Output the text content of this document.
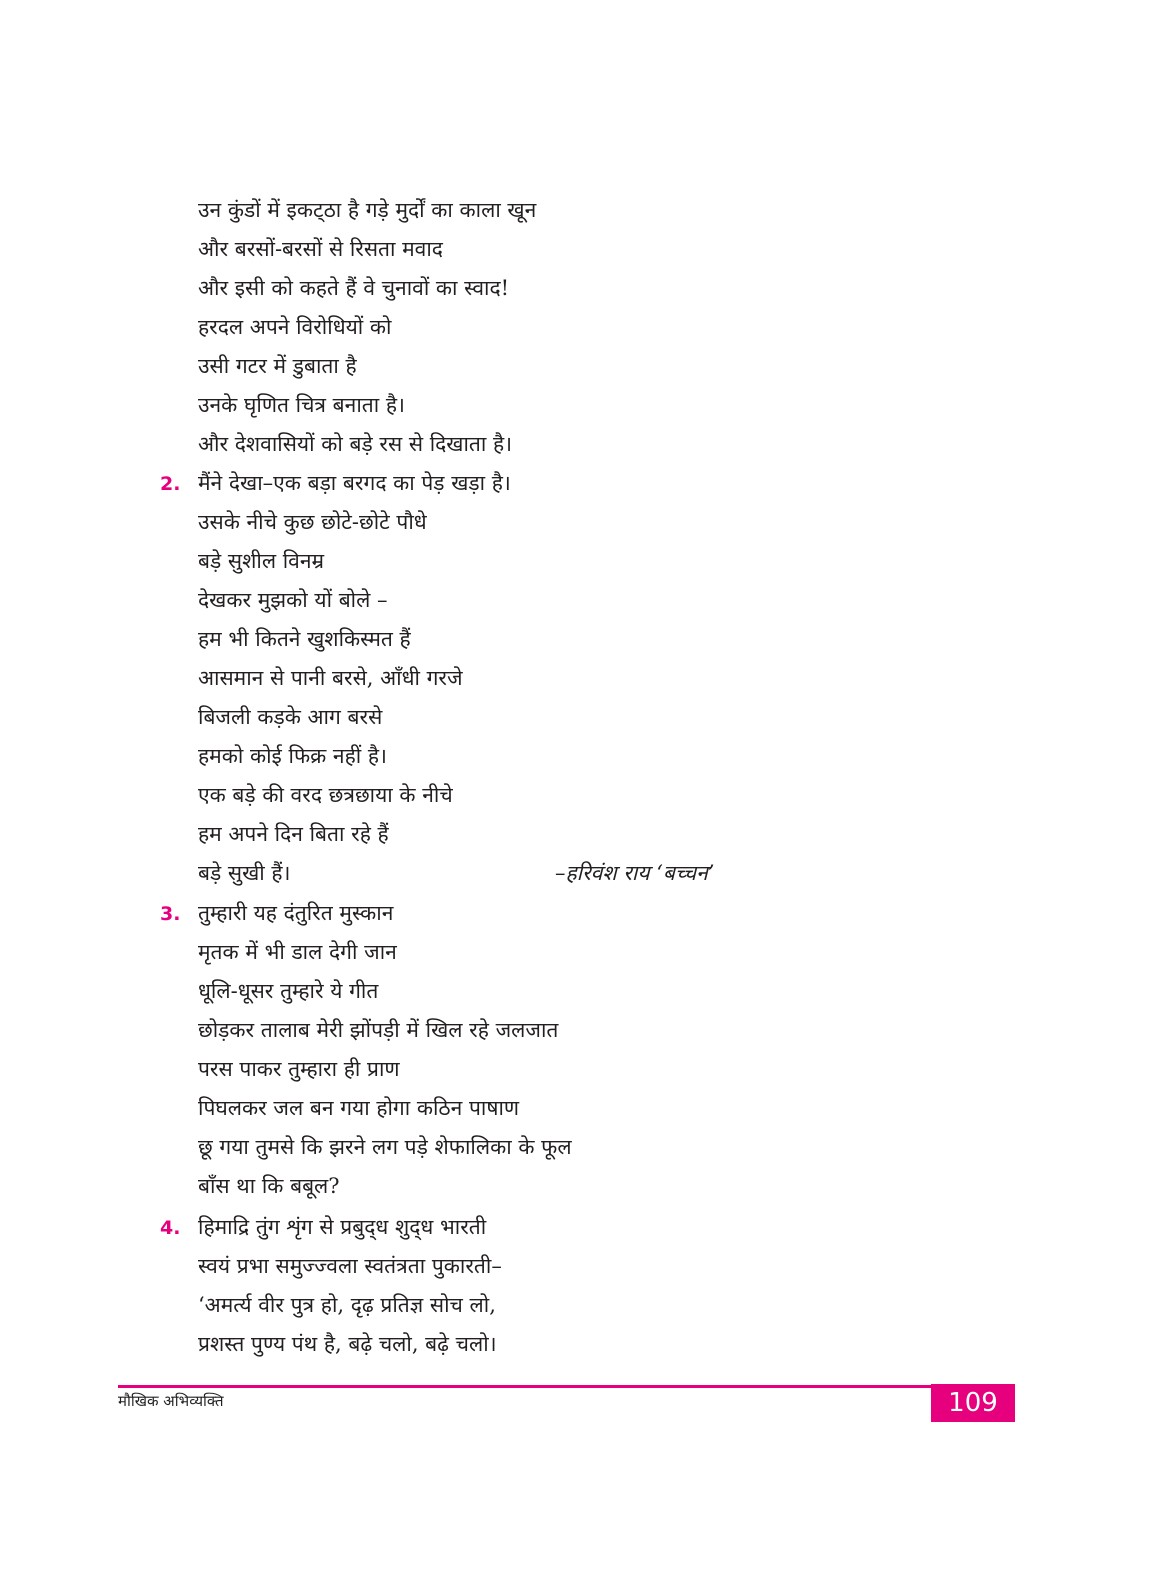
उन कुंडों में इकट्‌ठा है गड़े मुर्दों का काला खून
और बरसों-बरसों से रिसता मवाद
और इसी को कहते हैं वे चुनावों का स्वाद!
हरदल अपने विरोधियों को
उसी गटर में डुबाता है
उनके घृणित चित्र बनाता है।
और देशवासियों को बड़े रस से दिखाता है।
2. मैंने देखा–एक बड़ा बरगद का पेड़ खड़ा है।
उसके नीचे कुछ छोटे-छोटे पौधे
बड़े सुशील विनम्र
देखकर मुझको यों बोले –
हम भी कितने खुशकिस्मत हैं
आसमान से पानी बरसे, आँधी गरजे
बिजली कड़के आग बरसे
हमको कोई फिक्र नहीं है।
एक बड़े की वरद छत्रछाया के नीचे
हम अपने दिन बिता रहे हैं
बड़े सुखी हैं।	–हरिवंश राय ‘बच्चन’
3. तुम्हारी यह दंतुरित मुस्कान
मृतक में भी डाल देगी जान
धूलि-धूसर तुम्हारे ये गीत
छोड़कर तालाब मेरी झोंपड़ी में खिल रहे जलजात
परस पाकर तुम्हारा ही प्राण
पिघलकर जल बन गया होगा कठिन पाषाण
छू गया तुमसे कि झरने लग पड़े शेफालिका के फूल
बाँस था कि बबूल?
4. हिमाद्रि तुंग शृंग से प्रबुद्‌ध शुद्‌ध भारती
स्वयं प्रभा समुज्ज्वला स्वतंत्रता पुकारती–
‘अमर्त्य वीर पुत्र हो, दृढ़ प्रतिज्ञ सोच लो,
प्रशस्त पुण्य पंथ है, बढ़े चलो, बढ़े चलो।
मौखिक अभिव्यक्ति	109
